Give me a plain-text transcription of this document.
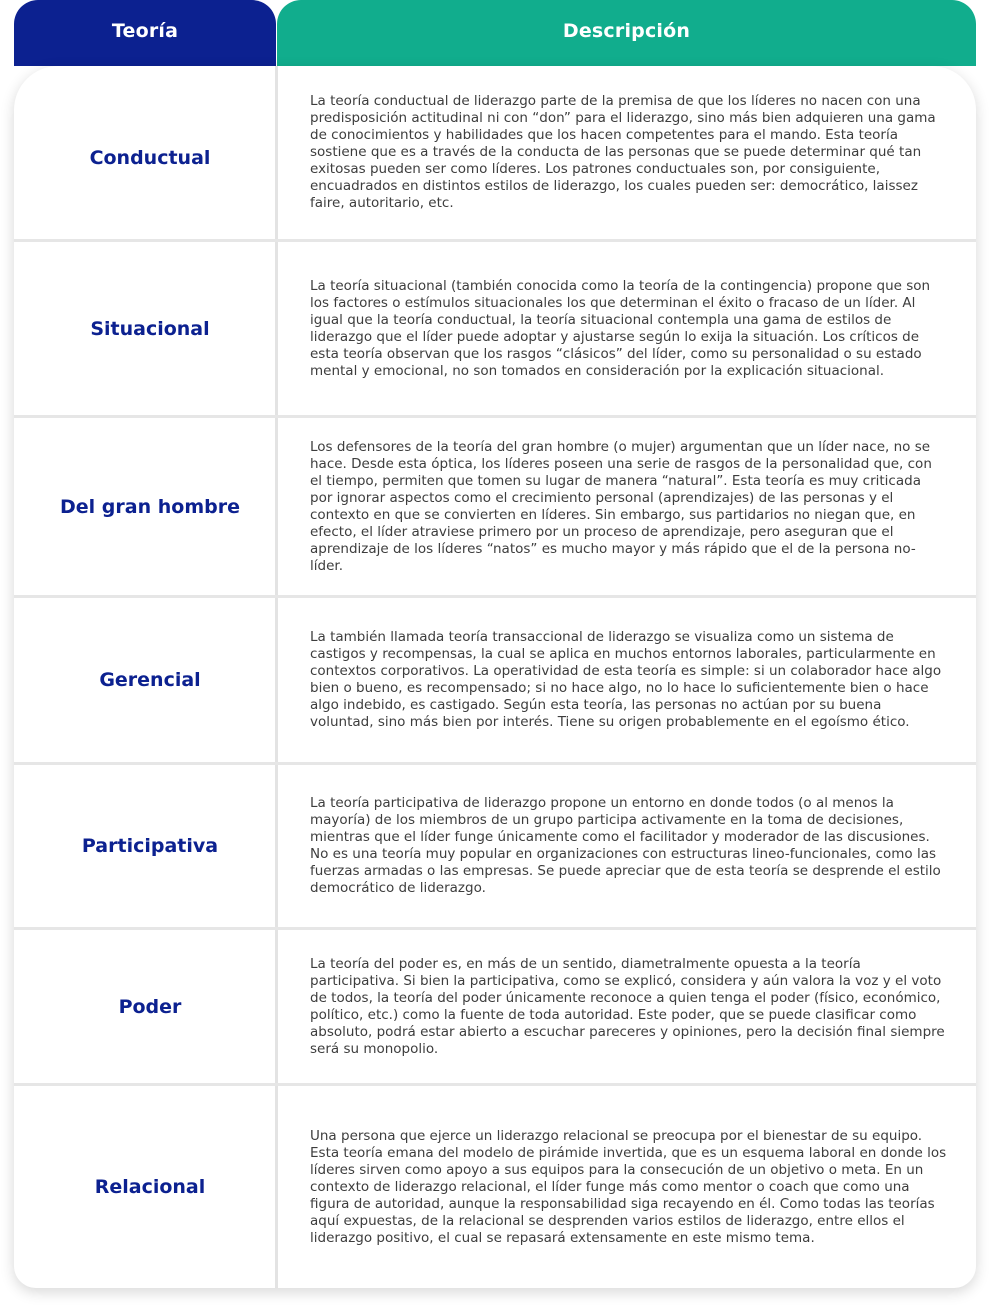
Teoría	Descripción
Conductual
La teoría conductual de liderazgo parte de la premisa de que los líderes no nacen con una predisposición actitudinal ni con “don” para el liderazgo, sino más bien adquieren una gama de conocimientos y habilidades que los hacen competentes para el mando. Esta teoría sostiene que es a través de la conducta de las personas que se puede determinar qué tan exitosas pueden ser como líderes. Los patrones conductuales son, por consiguiente, encuadrados en distintos estilos de liderazgo, los cuales pueden ser: democrático, laissez faire, autoritario, etc.
Situacional
La teoría situacional (también conocida como la teoría de la contingencia) propone que son los factores o estímulos situacionales los que determinan el éxito o fracaso de un líder. Al igual que la teoría conductual, la teoría situacional contempla una gama de estilos de liderazgo que el líder puede adoptar y ajustarse según lo exija la situación. Los críticos de esta teoría observan que los rasgos “clásicos” del líder, como su personalidad o su estado mental y emocional, no son tomados en consideración por la explicación situacional.
Del gran hombre
Los defensores de la teoría del gran hombre (o mujer) argumentan que un líder nace, no se hace. Desde esta óptica, los líderes poseen una serie de rasgos de la personalidad que, con el tiempo, permiten que tomen su lugar de manera “natural”. Esta teoría es muy criticada por ignorar aspectos como el crecimiento personal (aprendizajes) de las personas y el contexto en que se convierten en líderes. Sin embargo, sus partidarios no niegan que, en efecto, el líder atraviese primero por un proceso de aprendizaje, pero aseguran que el aprendizaje de los líderes “natos” es mucho mayor y más rápido que el de la persona no-líder.
Gerencial
La también llamada teoría transaccional de liderazgo se visualiza como un sistema de castigos y recompensas, la cual se aplica en muchos entornos laborales, particularmente en contextos corporativos. La operatividad de esta teoría es simple: si un colaborador hace algo bien o bueno, es recompensado; si no hace algo, no lo hace lo suficientemente bien o hace algo indebido, es castigado. Según esta teoría, las personas no actúan por su buena voluntad, sino más bien por interés. Tiene su origen probablemente en el egoísmo ético.
Participativa
La teoría participativa de liderazgo propone un entorno en donde todos (o al menos la mayoría) de los miembros de un grupo participa activamente en la toma de decisiones, mientras que el líder funge únicamente como el facilitador y moderador de las discusiones. No es una teoría muy popular en organizaciones con estructuras lineo-funcionales, como las fuerzas armadas o las empresas. Se puede apreciar que de esta teoría se desprende el estilo democrático de liderazgo.
Poder
La teoría del poder es, en más de un sentido, diametralmente opuesta a la teoría participativa. Si bien la participativa, como se explicó, considera y aún valora la voz y el voto de todos, la teoría del poder únicamente reconoce a quien tenga el poder (físico, económico, político, etc.) como la fuente de toda autoridad. Este poder, que se puede clasificar como absoluto, podrá estar abierto a escuchar pareceres y opiniones, pero la decisión final siempre será su monopolio.
Relacional
Una persona que ejerce un liderazgo relacional se preocupa por el bienestar de su equipo. Esta teoría emana del modelo de pirámide invertida, que es un esquema laboral en donde los líderes sirven como apoyo a sus equipos para la consecución de un objetivo o meta. En un contexto de liderazgo relacional, el líder funge más como mentor o coach que como una figura de autoridad, aunque la responsabilidad siga recayendo en él. Como todas las teorías aquí expuestas, de la relacional se desprenden varios estilos de liderazgo, entre ellos el liderazgo positivo, el cual se repasará extensamente en este mismo tema.
